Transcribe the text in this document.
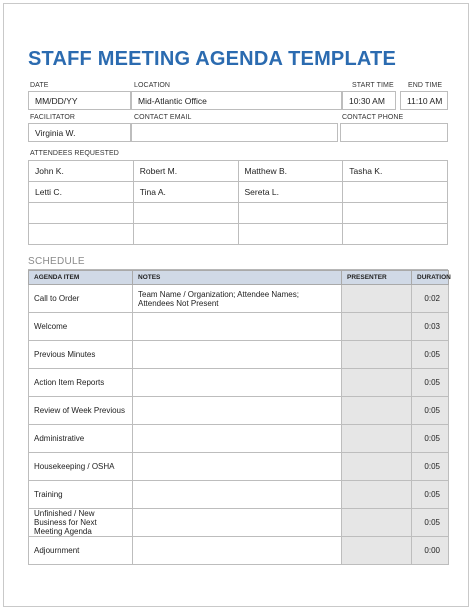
STAFF MEETING AGENDA TEMPLATE
DATE	LOCATION	START TIME END TIME
MM/DD/YY	Mid-Atlantic Office	10:30 AM	11:10 AM
FACILITATOR	CONTACT EMAIL	CONTACT PHONE
Virginia W.
ATTENDEES REQUESTED
John K.	Robert M.	Matthew B.	Tasha K.
Letti C.	Tina A.	Sereta L.	

SCHEDULE
AGENDA ITEM	NOTES	PRESENTER	DURATION
Call to Order	Team Name / Organization; Attendee Names; Attendees Not Present		0:02
Welcome			0:03
Previous Minutes			0:05
Action Item Reports			0:05
Review of Week Previous			0:05
Administrative			0:05
Housekeeping / OSHA			0:05
Training			0:05
Unfinished / New Business for Next Meeting Agenda			0:05
Adjournment			0:00
